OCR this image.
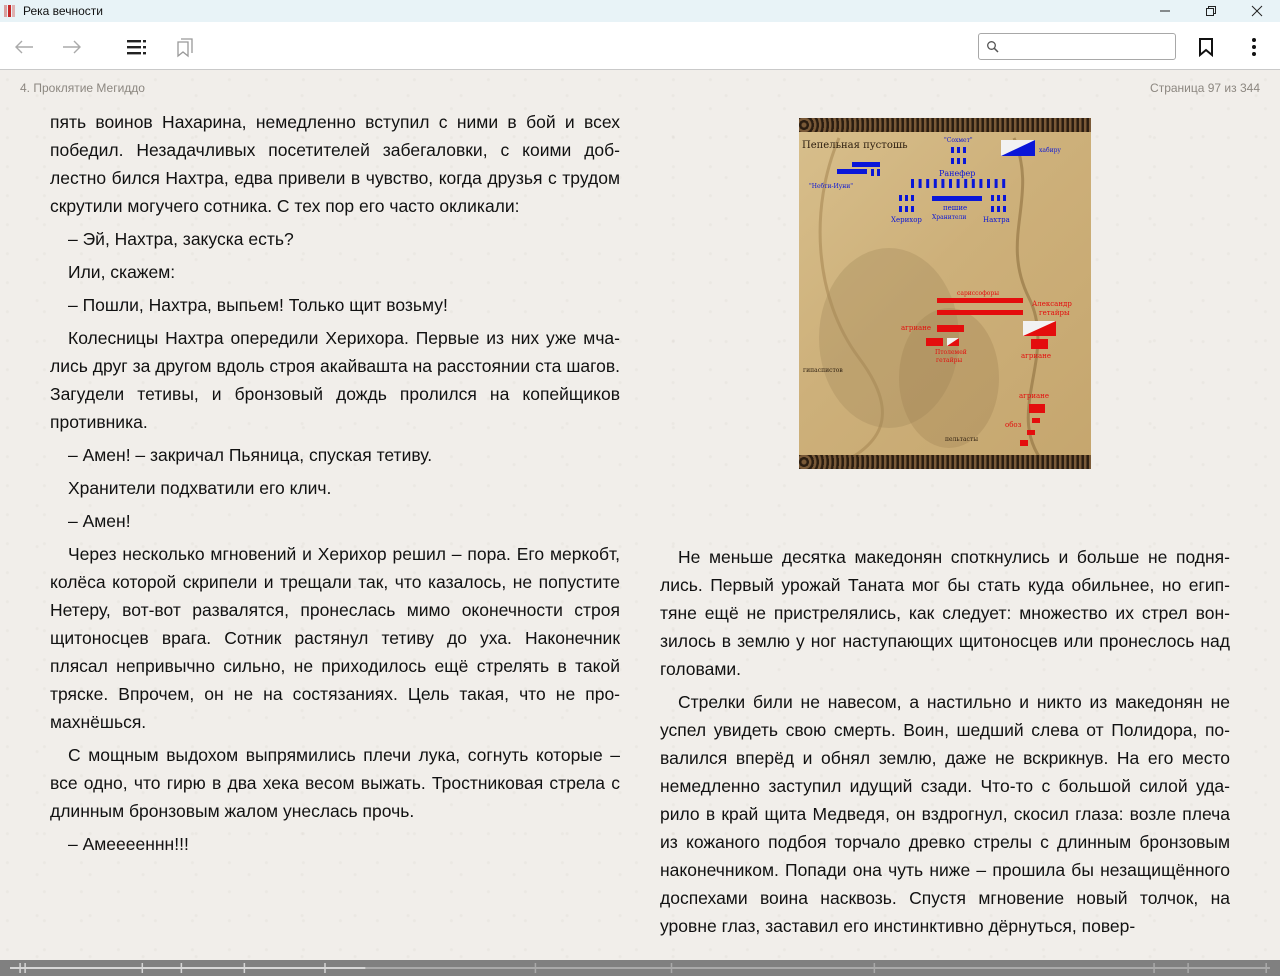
Река вечности
4. Проклятие Мегиддо	Страница 97 из 344

пять воинов Нахарина, немедленно вступил с ними в бой и всех победил. Незадачливых посетителей забегаловки, с коими доблестно бился Нахтра, едва привели в чувство, когда друзья с трудом скрутили могучего сотника. С тех пор его часто окликали:

– Эй, Нахтра, закуска есть?

Или, скажем:

– Пошли, Нахтра, выпьем! Только щит возьму!

Колесницы Нахтра опередили Херихора. Первые из них уже мчались друг за другом вдоль строя акайвашта на расстоянии ста шагов. Загудели тетивы, и бронзовый дождь пролился на копейщиков противника.

– Амен! – закричал Пьяница, спуская тетиву.

Хранители подхватили его клич.

– Амен!

Через несколько мгновений и Херихор решил – пора. Его меркобт, колёса которой скрипели и трещали так, что казалось, не попустите Нетеру, вот-вот развалятся, пронеслась мимо оконечности строя щитоносцев врага. Сотник растянул тетиву до уха. Наконечник плясал непривычно сильно, не приходилось ещё стрелять в такой тряске. Впрочем, он не на состязаниях. Цель такая, что не промахнёшься.

С мощным выдохом выпрямились плечи лука, согнуть которые – все одно, что гирю в два хека весом выжать. Тростниковая стрела с длинным бронзовым жалом унеслась прочь.

– Амееееннн!!!

Пепельная пустошь	"Сохмет"
Ранефер
"Небти-Иуни"
пешие
Хранители
Херихор	Нахтра
хабиру
сариссофоры
Александр
гетайры
агриане
Птолемей
гетайры
агриане
агриане
обоз
гипаспистов
пельтасты

Не меньше десятка македонян споткнулись и больше не поднялись. Первый урожай Таната мог бы стать куда обильнее, но египтяне ещё не пристрелялись, как следует: множество их стрел вонзилось в землю у ног наступающих щитоносцев или пронеслось над головами.

Стрелки били не навесом, а настильно и никто из македонян не успел увидеть свою смерть. Воин, шедший слева от Полидора, повалился вперёд и обнял землю, даже не вскрикнув. На его место немедленно заступил идущий сзади. Что-то с большой силой ударило в край щита Медведя, он вздрогнул, скосил глаза: возле плеча из кожаного подбоя торчало древко стрелы с длинным бронзовым наконечником. Попади она чуть ниже – прошила бы незащищённого доспехами воина насквозь. Спустя мгновение новый толчок, на уровне глаз, заставил его инстинктивно дёрнуться, повер-
